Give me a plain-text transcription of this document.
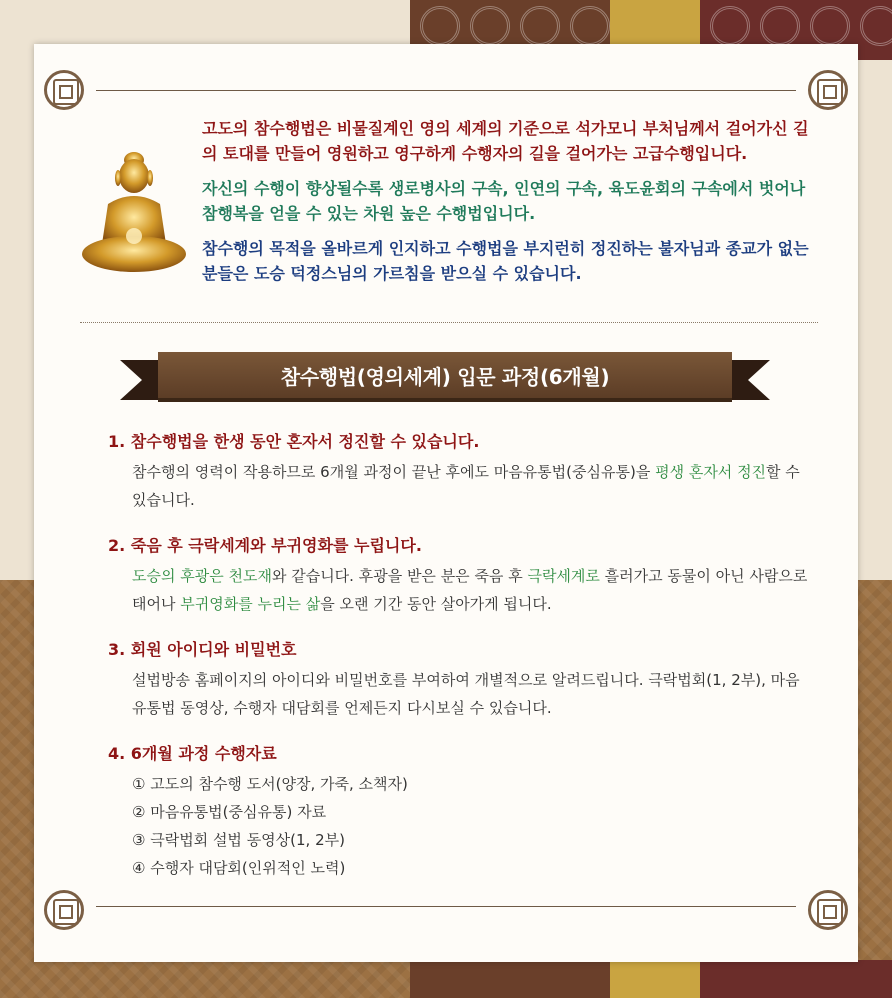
고도의 참수행법은 비물질계인 영의 세계의 기준으로 석가모니 부처님께서 걸어가신 길의 토대를 만들어 영원하고 영구하게 수행자의 길을 걸어가는 고급수행입니다.

자신의 수행이 향상될수록 생로병사의 구속, 인연의 구속, 육도윤회의 구속에서 벗어나 참행복을 얻을 수 있는 차원 높은 수행법입니다.

참수행의 목적을 올바르게 인지하고 수행법을 부지런히 정진하는 불자님과 종교가 없는 분들은 도승 덕정스님의 가르침을 받으실 수 있습니다.

참수행법(영의세계) 입문 과정(6개월)
1. 참수행법을 한생 동안 혼자서 정진할 수 있습니다.
참수행의 영력이 작용하므로 6개월 과정이 끝난 후에도 마음유통법(중심유통)을 평생 혼자서 정진할 수 있습니다.
2. 죽음 후 극락세계와 부귀영화를 누립니다.
도승의 후광은 천도재와 같습니다. 후광을 받은 분은 죽음 후 극락세계로 흘러가고 동물이 아닌 사람으로 태어나 부귀영화를 누리는 삶을 오랜 기간 동안 살아가게 됩니다.
3. 회원 아이디와 비밀번호
설법방송 홈페이지의 아이디와 비밀번호를 부여하여 개별적으로 알려드립니다. 극락법회(1, 2부), 마음유통법 동영상, 수행자 대담회를 언제든지 다시보실 수 있습니다.
4. 6개월 과정 수행자료
① 고도의 참수행 도서(양장, 가죽, 소책자)
② 마음유통법(중심유통) 자료
③ 극락법회 설법 동영상(1, 2부)
④ 수행자 대담회(인위적인 노력)
